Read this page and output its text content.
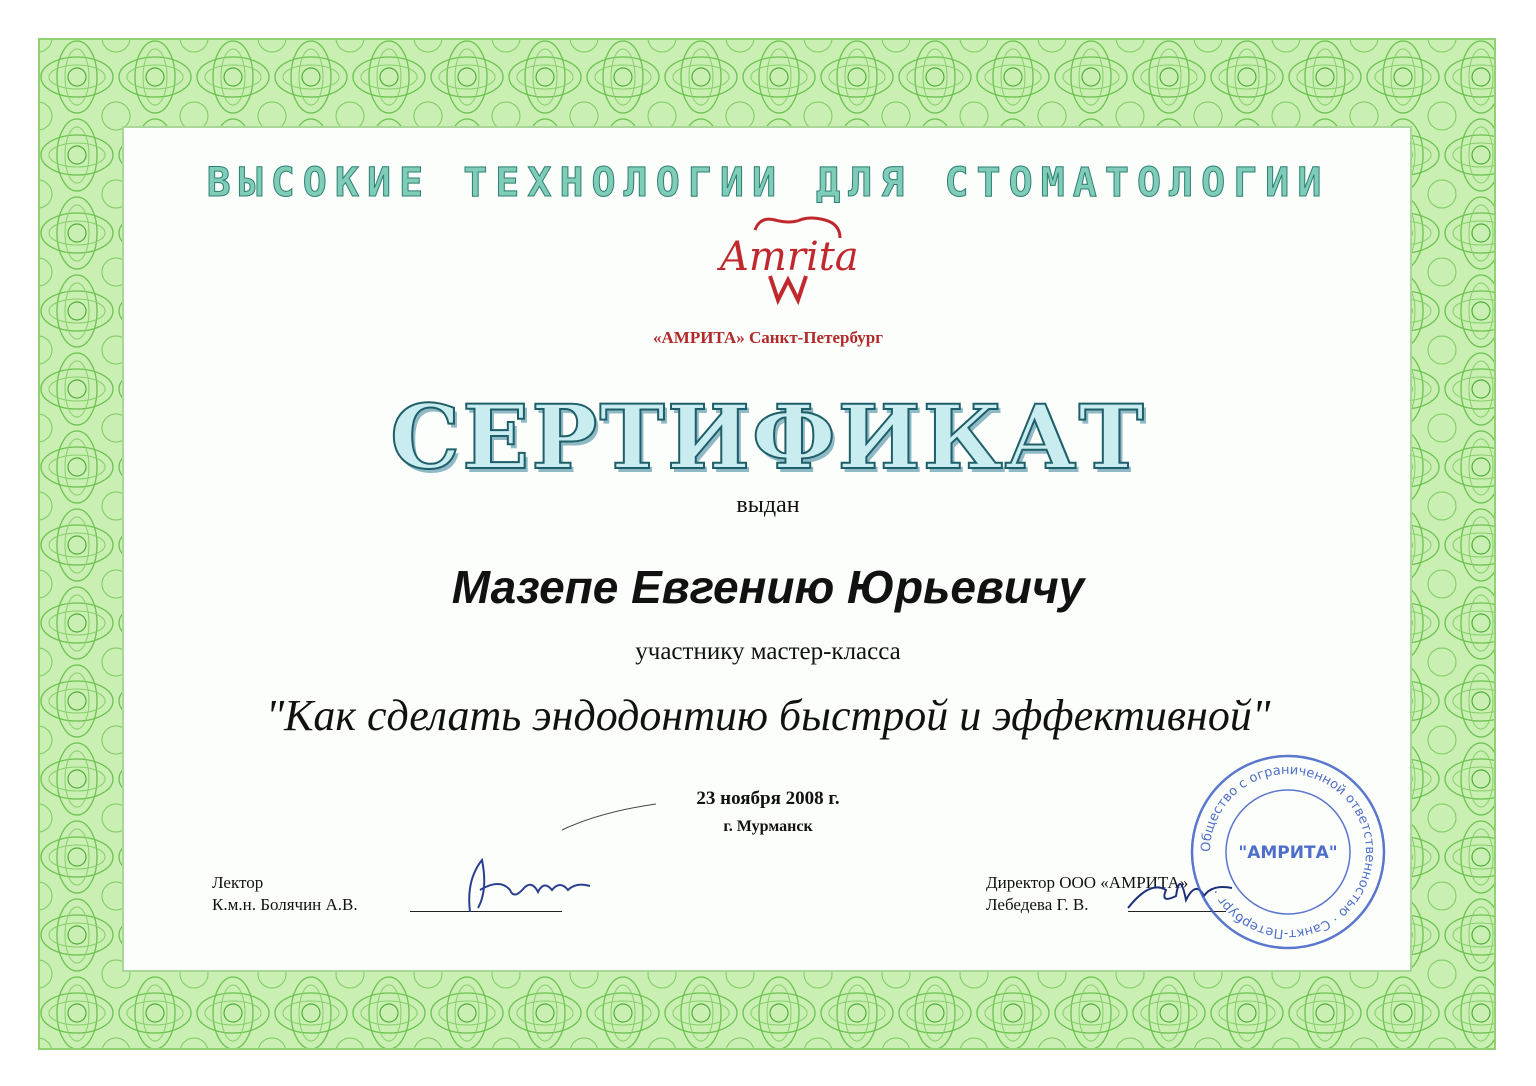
ВЫСОКИЕ ТЕХНОЛОГИИ ДЛЯ СТОМАТОЛОГИИ
Amrita
«АМРИТА» Санкт-Петербург
СЕРТИФИКАТ
выдан
Мазепе Евгению Юрьевичу
участнику мастер-класса
"Как сделать эндодонтию быстрой и эффективной"
23 ноября 2008 г.
г. Мурманск
Лектор
К.м.н. Болячин А.В.
Директор ООО «АМРИТА»
Лебедева Г. В.
Общество с ограниченной ответственностью · Санкт-Петербург ·
"АМРИТА"
